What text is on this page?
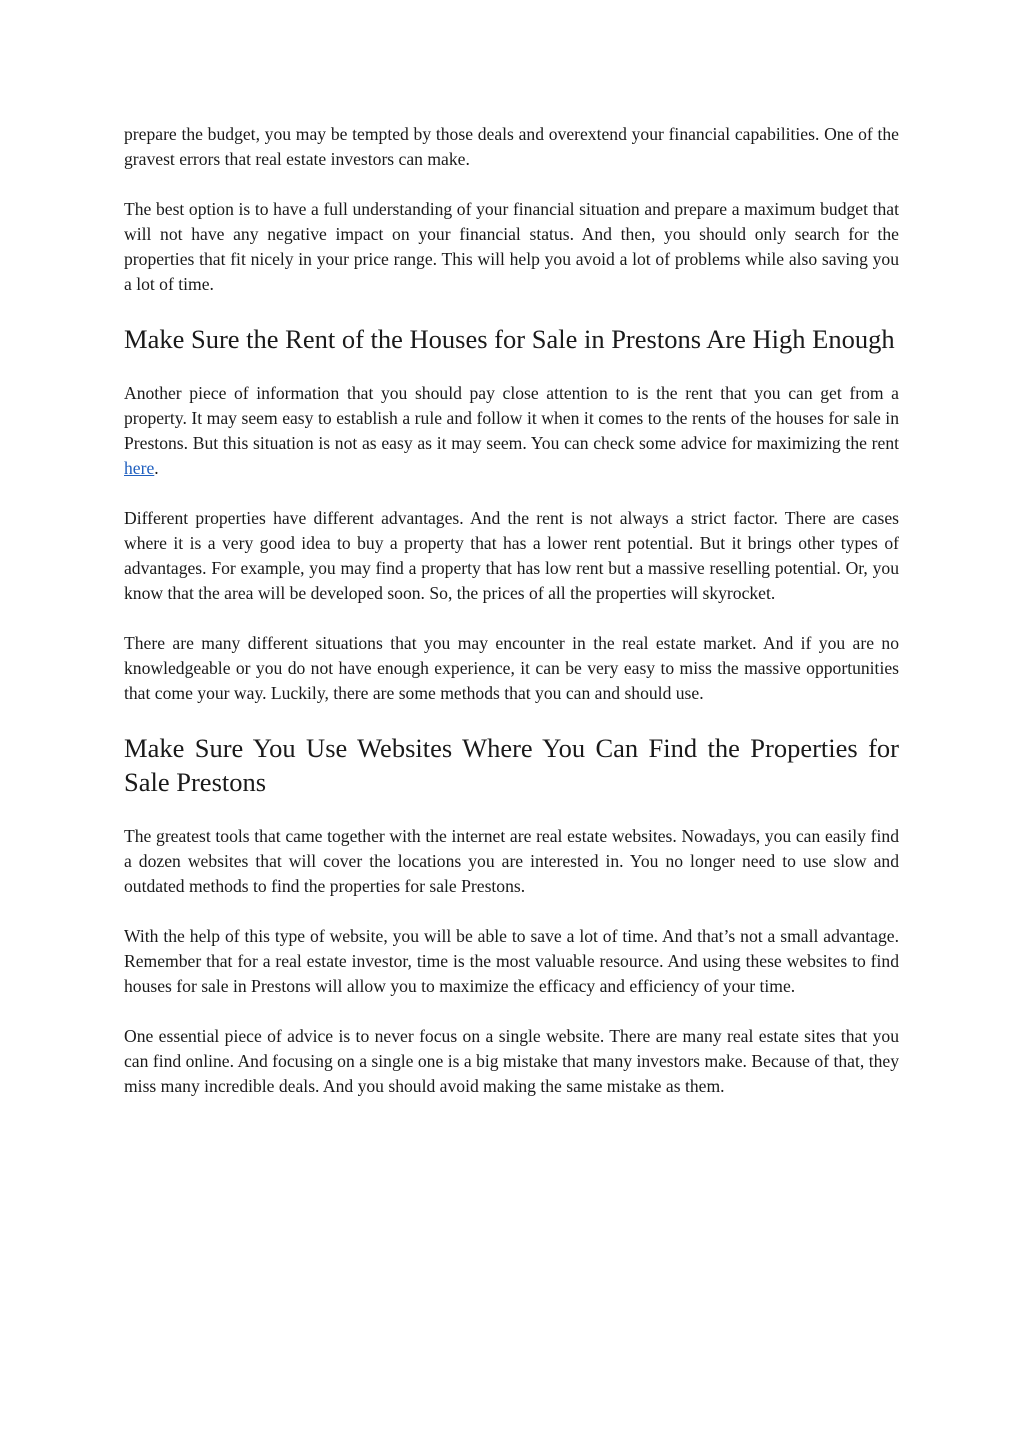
prepare the budget, you may be tempted by those deals and overextend your financial capabilities. One of the gravest errors that real estate investors can make.

The best option is to have a full understanding of your financial situation and prepare a maximum budget that will not have any negative impact on your financial status. And then, you should only search for the properties that fit nicely in your price range. This will help you avoid a lot of problems while also saving you a lot of time.

Make Sure the Rent of the Houses for Sale in Prestons Are High Enough

Another piece of information that you should pay close attention to is the rent that you can get from a property. It may seem easy to establish a rule and follow it when it comes to the rents of the houses for sale in Prestons. But this situation is not as easy as it may seem. You can check some advice for maximizing the rent here.

Different properties have different advantages. And the rent is not always a strict factor. There are cases where it is a very good idea to buy a property that has a lower rent potential. But it brings other types of advantages. For example, you may find a property that has low rent but a massive reselling potential. Or, you know that the area will be developed soon. So, the prices of all the properties will skyrocket.

There are many different situations that you may encounter in the real estate market. And if you are no knowledgeable or you do not have enough experience, it can be very easy to miss the massive opportunities that come your way. Luckily, there are some methods that you can and should use.

Make Sure You Use Websites Where You Can Find the Properties for Sale Prestons

The greatest tools that came together with the internet are real estate websites. Nowadays, you can easily find a dozen websites that will cover the locations you are interested in. You no longer need to use slow and outdated methods to find the properties for sale Prestons.

With the help of this type of website, you will be able to save a lot of time. And that’s not a small advantage. Remember that for a real estate investor, time is the most valuable resource. And using these websites to find houses for sale in Prestons will allow you to maximize the efficacy and efficiency of your time.

One essential piece of advice is to never focus on a single website. There are many real estate sites that you can find online. And focusing on a single one is a big mistake that many investors make. Because of that, they miss many incredible deals. And you should avoid making the same mistake as them.
